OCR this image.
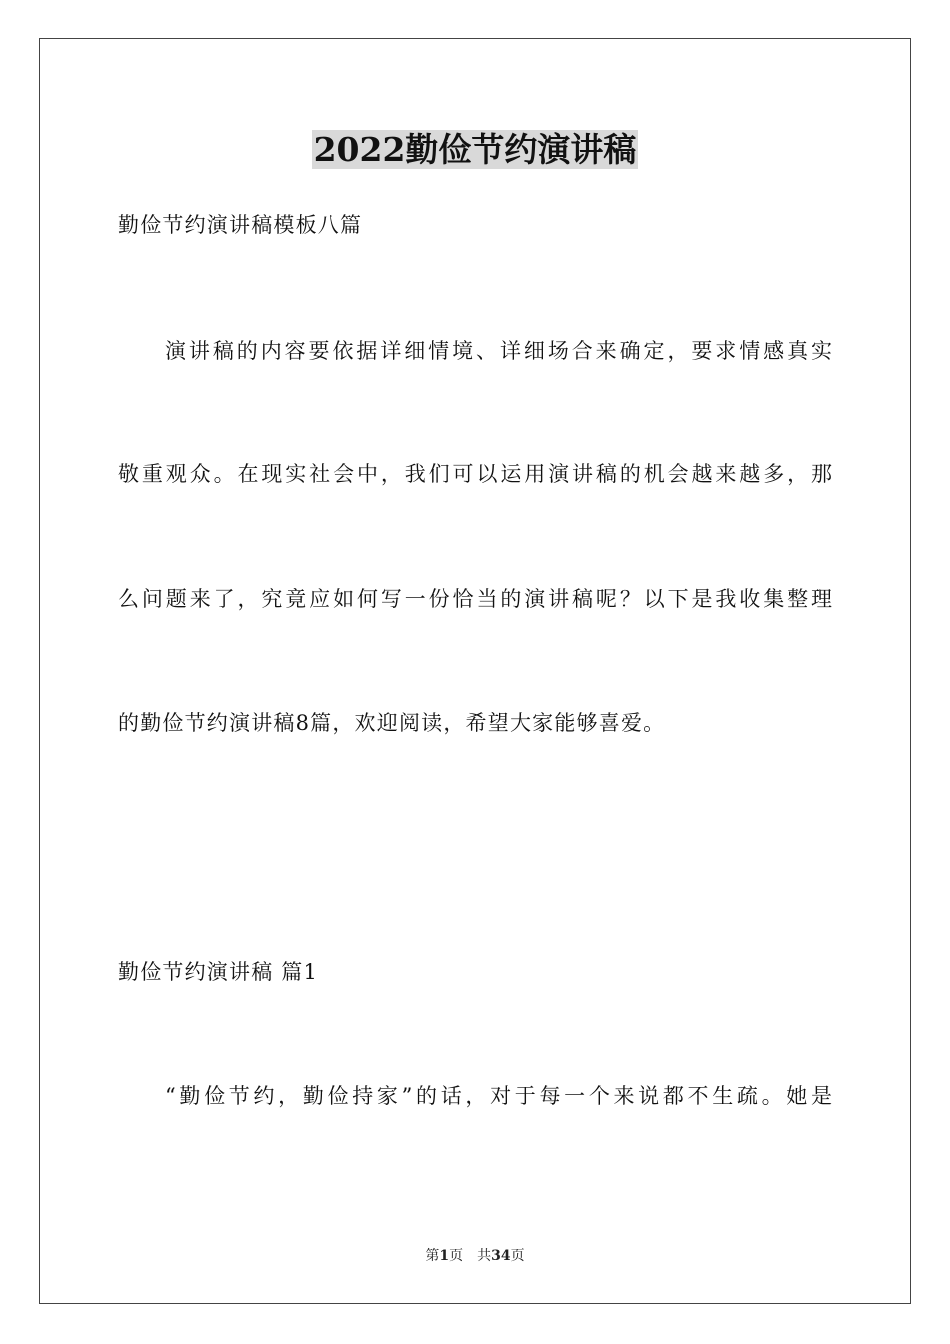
2022勤俭节约演讲稿
勤俭节约演讲稿模板八篇
演讲稿的内容要依据详细情境、详细场合来确定，要求情感真实
敬重观众。在现实社会中，我们可以运用演讲稿的机会越来越多，那
么问题来了，究竟应如何写一份恰当的演讲稿呢？以下是我收集整理
的勤俭节约演讲稿8篇，欢迎阅读，希望大家能够喜爱。
勤俭节约演讲稿 篇1
“勤俭节约，勤俭持家”的话，对于每一个来说都不生疏。她是
第1页 共34页
